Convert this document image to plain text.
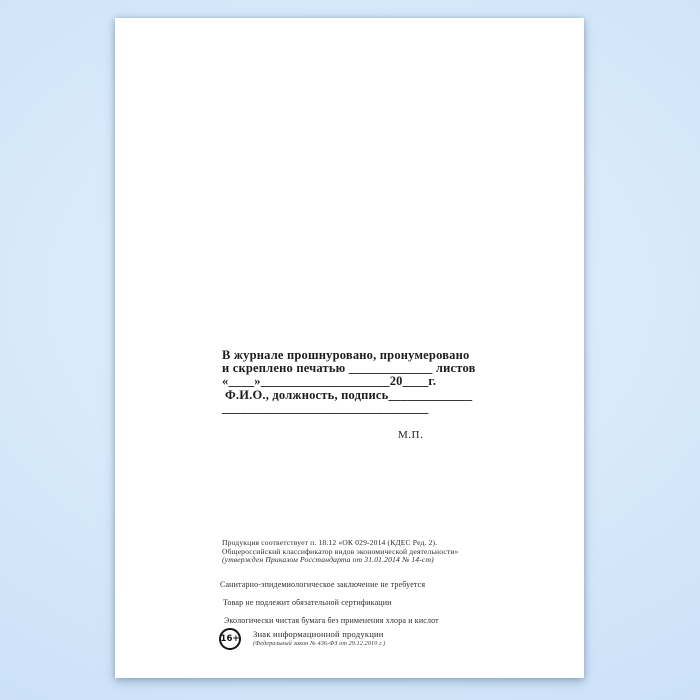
В журнале прошнуровано, пронумеровано
и скреплено печатью _____________ листов
«____»____________________20____г.
Ф.И.О., должность, подпись_____________
________________________________
М.П.
Продукция соответствует п. 18.12 «ОК 029-2014 (КДЕС Ред. 2).
Общероссийский классификатор видов экономической деятельности»
(утвержден Приказом Росстандарта от 31.01.2014 № 14-ст)
Санитарно-эпидемиологическое заключение не требуется
Товар не подлежит обязательной сертификации
Экологически чистая бумага без применения хлора и кислот
16+ Знак информационной продукции
(Федеральный закон № 436-ФЗ от 29.12.2010 г.)
